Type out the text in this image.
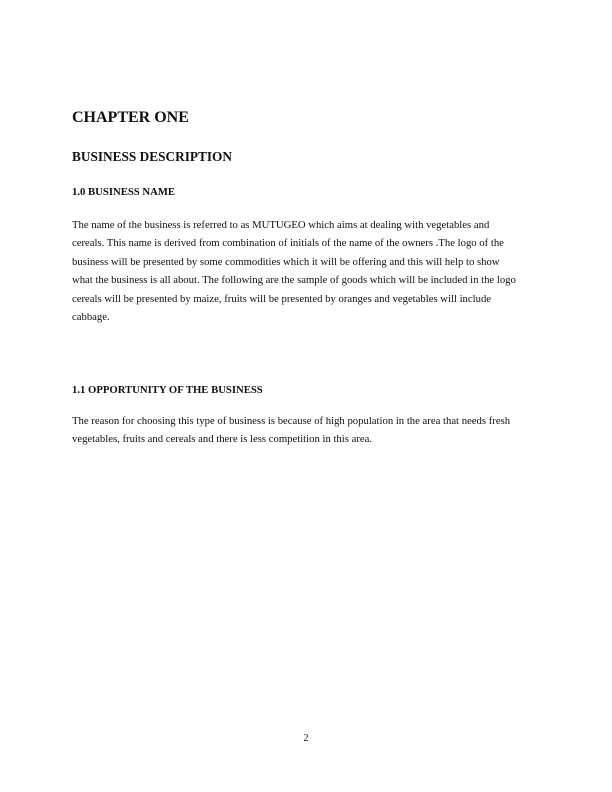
CHAPTER ONE
BUSINESS DESCRIPTION
1.0 BUSINESS NAME
The name of the business is referred to as MUTUGEO which aims at dealing with vegetables and
cereals. This name is derived from combination of initials of the name of the owners .The logo of the
business will be presented by some commodities which it will be offering and this will help to show
what the business is all about. The following are the sample of goods which will be included in the logo
cereals will be presented by maize, fruits will be presented by oranges and vegetables will include
cabbage.
1.1 OPPORTUNITY OF THE BUSINESS
The reason for choosing this type of business is because of high population in the area that needs fresh
vegetables, fruits and cereals and there is less competition in this area.
2
